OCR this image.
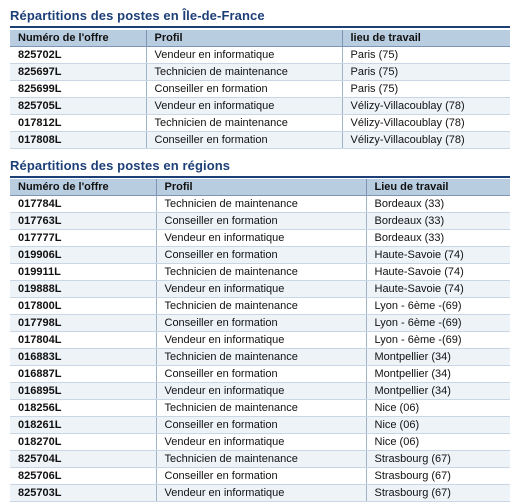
Répartitions des postes en Île-de-France
Numéro de l'offre	Profil	lieu de travail
825702L	Vendeur en informatique	Paris (75)
825697L	Technicien de maintenance	Paris (75)
825699L	Conseiller en formation	Paris (75)
825705L	Vendeur en informatique	Vélizy-Villacoublay (78)
017812L	Technicien de maintenance	Vélizy-Villacoublay (78)
017808L	Conseiller en formation	Vélizy-Villacoublay (78)
Répartitions des postes en régions
Numéro de l'offre	Profil	Lieu de travail
017784L	Technicien de maintenance	Bordeaux (33)
017763L	Conseiller en formation	Bordeaux (33)
017777L	Vendeur en informatique	Bordeaux (33)
019906L	Conseiller en formation	Haute-Savoie (74)
019911L	Technicien de maintenance	Haute-Savoie (74)
019888L	Vendeur en informatique	Haute-Savoie (74)
017800L	Technicien de maintenance	Lyon - 6ème -(69)
017798L	Conseiller en formation	Lyon - 6ème -(69)
017804L	Vendeur en informatique	Lyon - 6ème -(69)
016883L	Technicien de maintenance	Montpellier (34)
016887L	Conseiller en formation	Montpellier (34)
016895L	Vendeur en informatique	Montpellier (34)
018256L	Technicien de maintenance	Nice (06)
018261L	Conseiller en formation	Nice (06)
018270L	Vendeur en informatique	Nice (06)
825704L	Technicien de maintenance	Strasbourg (67)
825706L	Conseiller en formation	Strasbourg (67)
825703L	Vendeur en informatique	Strasbourg (67)
